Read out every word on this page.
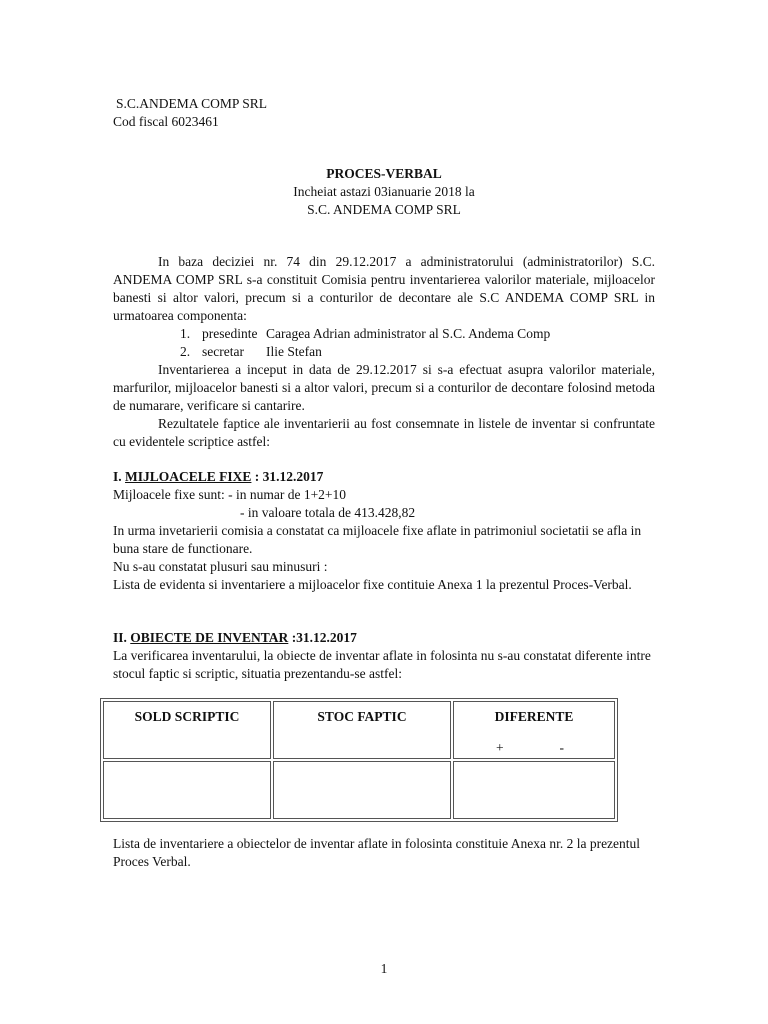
S.C.ANDEMA COMP SRL
Cod fiscal 6023461
PROCES-VERBAL
Incheiat astazi 03ianuarie 2018 la
S.C. ANDEMA COMP SRL
In baza deciziei nr. 74 din 29.12.2017 a administratorului (administratorilor) S.C. ANDEMA COMP SRL s-a constituit Comisia pentru inventarierea valorilor materiale, mijloacelor banesti si altor valori, precum si a conturilor de decontare ale S.C ANDEMA COMP SRL in urmatoarea componenta:
1. presedinte Caragea Adrian administrator al S.C. Andema Comp
2. secretar	Ilie Stefan
Inventarierea a inceput in data de 29.12.2017 si s-a efectuat asupra valorilor materiale, marfurilor, mijloacelor banesti si a altor valori, precum si a conturilor de decontare folosind metoda de numarare, verificare si cantarire.
Rezultatele faptice ale inventarierii au fost consemnate in listele de inventar si confruntate cu evidentele scriptice astfel:
I. MIJLOACELE FIXE : 31.12.2017
Mijloacele fixe sunt: - in numar de 1+2+10
- in valoare totala de 413.428,82
In urma invetarierii comisia a constatat ca mijloacele fixe aflate in patrimoniul societatii se afla in buna stare de functionare.
Nu s-au constatat plusuri sau minusuri :
Lista de evidenta si inventariere a mijloacelor fixe contituie Anexa 1 la prezentul Proces-Verbal.
II. OBIECTE DE INVENTAR :31.12.2017
La verificarea inventarului, la obiecte de inventar aflate in folosinta nu s-au constatat diferente intre stocul faptic si scriptic, situatia prezentandu-se astfel:
SOLD SCRIPTIC	STOC FAPTIC	DIFERENTE
+ -

Lista de inventariere a obiectelor de inventar aflate in folosinta constituie Anexa nr. 2 la prezentul Proces Verbal.
1
